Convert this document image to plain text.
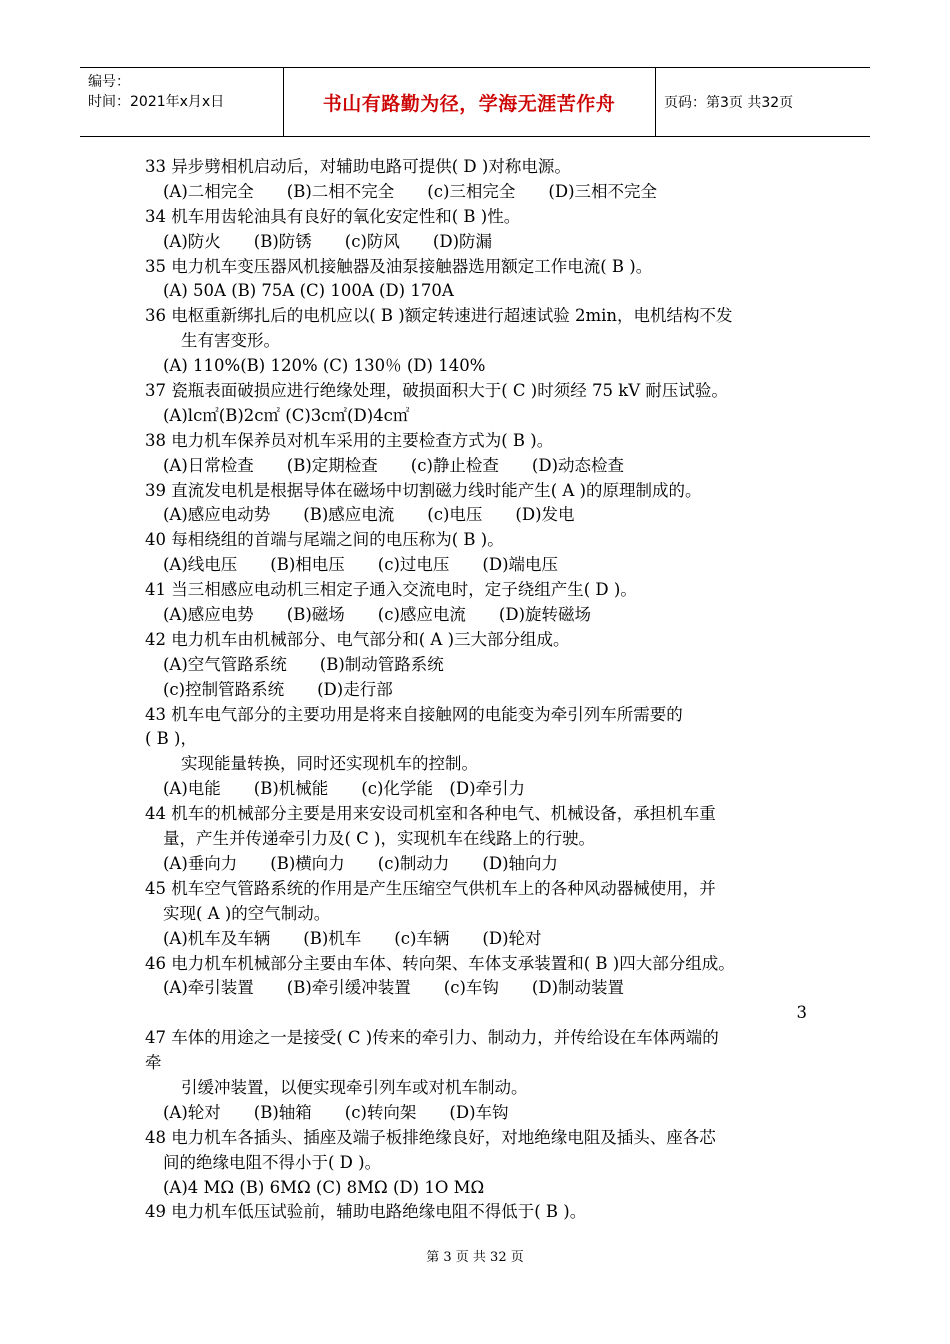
编号：
时间：2021年x月x日	书山有路勤为径，学海无涯苦作舟	页码：第3页 共32页
33 异步劈相机启动后，对辅助电路可提供( D )对称电源。
(A)二相完全　　(B)二相不完全　　(c)三相完全　　(D)三相不完全
34 机车用齿轮油具有良好的氧化安定性和( B )性。
(A)防火　　(B)防锈　　(c)防风　　(D)防漏
35 电力机车变压器风机接触器及油泵接触器选用额定工作电流( B )。
(A) 50A (B) 75A (C) 100A (D) 170A
36 电枢重新绑扎后的电机应以( B )额定转速进行超速试验 2min，电机结构不发
生有害变形。
(A) 110%(B) 120% (C) 130％ (D) 140%
37 瓷瓶表面破损应进行绝缘处理，破损面积大于( C )时须经 75 kV 耐压试验。
(A)lc㎡(B)2c㎡ (C)3c㎡(D)4c㎡
38 电力机车保养员对机车采用的主要检查方式为( B )。
(A)日常检查　　(B)定期检查　　(c)静止检查　　(D)动态检查
39 直流发电机是根据导体在磁场中切割磁力线时能产生( A )的原理制成的。
(A)感应电动势　　(B)感应电流　　(c)电压　　(D)发电
40 每相绕组的首端与尾端之间的电压称为( B )。
(A)线电压　　(B)相电压　　(c)过电压　　(D)端电压
41 当三相感应电动机三相定子通入交流电时，定子绕组产生( D )。
(A)感应电势　　(B)磁场　　(c)感应电流　　(D)旋转磁场
42 电力机车由机械部分、电气部分和( A )三大部分组成。
(A)空气管路系统　　(B)制动管路系统
(c)控制管路系统　　(D)走行部
43 机车电气部分的主要功用是将来自接触网的电能变为牵引列车所需要的
( B )，
实现能量转换，同时还实现机车的控制。
(A)电能　　(B)机械能　　(c)化学能　(D)牵引力
44 机车的机械部分主要是用来安设司机室和各种电气、机械设备，承担机车重
量，产生并传递牵引力及( C )，实现机车在线路上的行驶。
(A)垂向力　　(B)横向力　　(c)制动力　　(D)轴向力
45 机车空气管路系统的作用是产生压缩空气供机车上的各种风动器械使用，并
实现( A )的空气制动。
(A)机车及车辆　　(B)机车　　(c)车辆　　(D)轮对
46 电力机车机械部分主要由车体、转向架、车体支承装置和( B )四大部分组成。
(A)牵引装置　　(B)牵引缓冲装置　　(c)车钩　　(D)制动装置
3
47 车体的用途之一是接受( C )传来的牵引力、制动力，并传给设在车体两端的
牵
引缓冲装置，以便实现牵引列车或对机车制动。
(A)轮对　　(B)轴箱　　(c)转向架　　(D)车钩
48 电力机车各插头、插座及端子板排绝缘良好，对地绝缘电阻及插头、座各芯
间的绝缘电阻不得小于( D )。
(A)4 MΩ (B) 6MΩ (C) 8MΩ (D) 1O MΩ
49 电力机车低压试验前，辅助电路绝缘电阻不得低于( B )。
第 3 页 共 32 页
